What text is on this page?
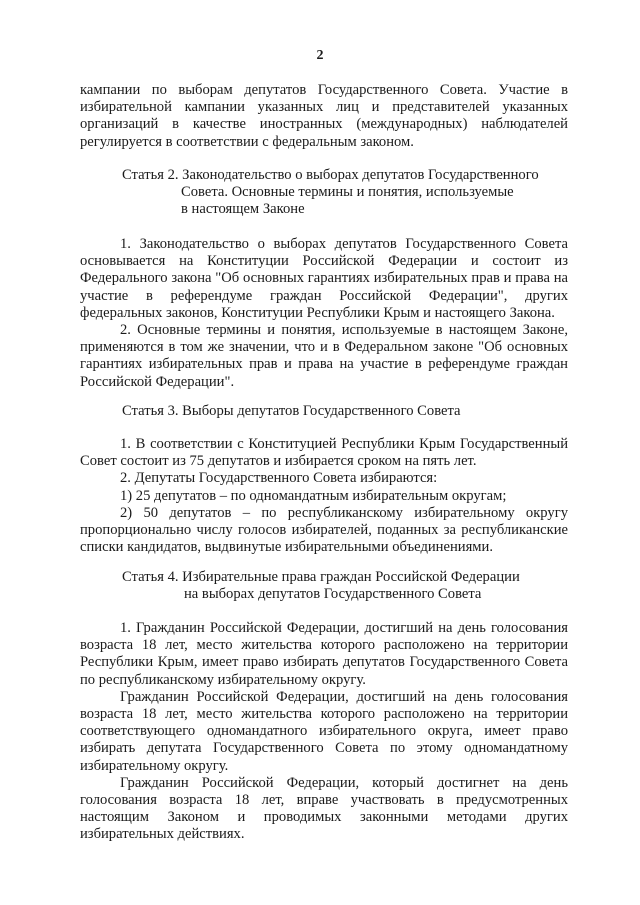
2

кампании по выборам депутатов Государственного Совета. Участие в избирательной кампании указанных лиц и представителей указанных организаций в качестве иностранных (международных) наблюдателей регулируется в соответствии с федеральным законом.

Статья 2. Законодательство о выборах депутатов Государственного
Совета. Основные термины и понятия, используемые
в настоящем Законе

1. Законодательство о выборах депутатов Государственного Совета основывается на Конституции Российской Федерации и состоит из Федерального закона "Об основных гарантиях избирательных прав и права на участие в референдуме граждан Российской Федерации", других федеральных законов, Конституции Республики Крым и настоящего Закона.

2. Основные термины и понятия, используемые в настоящем Законе, применяются в том же значении, что и в Федеральном законе "Об основных гарантиях избирательных прав и права на участие в референдуме граждан Российской Федерации".

Статья 3. Выборы депутатов Государственного Совета

1. В соответствии с Конституцией Республики Крым Государственный Совет состоит из 75 депутатов и избирается сроком на пять лет.

2. Депутаты Государственного Совета избираются:

1) 25 депутатов – по одномандатным избирательным округам;

2) 50 депутатов – по республиканскому избирательному округу пропорционально числу голосов избирателей, поданных за республиканские списки кандидатов, выдвинутые избирательными объединениями.

Статья 4. Избирательные права граждан Российской Федерации
на выборах депутатов Государственного Совета

1. Гражданин Российской Федерации, достигший на день голосования возраста 18 лет, место жительства которого расположено на территории Республики Крым, имеет право избирать депутатов Государственного Совета по республиканскому избирательному округу.

Гражданин Российской Федерации, достигший на день голосования возраста 18 лет, место жительства которого расположено на территории соответствующего одномандатного избирательного округа, имеет право избирать депутата Государственного Совета по этому одномандатному избирательному округу.

Гражданин Российской Федерации, который достигнет на день голосования возраста 18 лет, вправе участвовать в предусмотренных настоящим Законом и проводимых законными методами других избирательных действиях.
